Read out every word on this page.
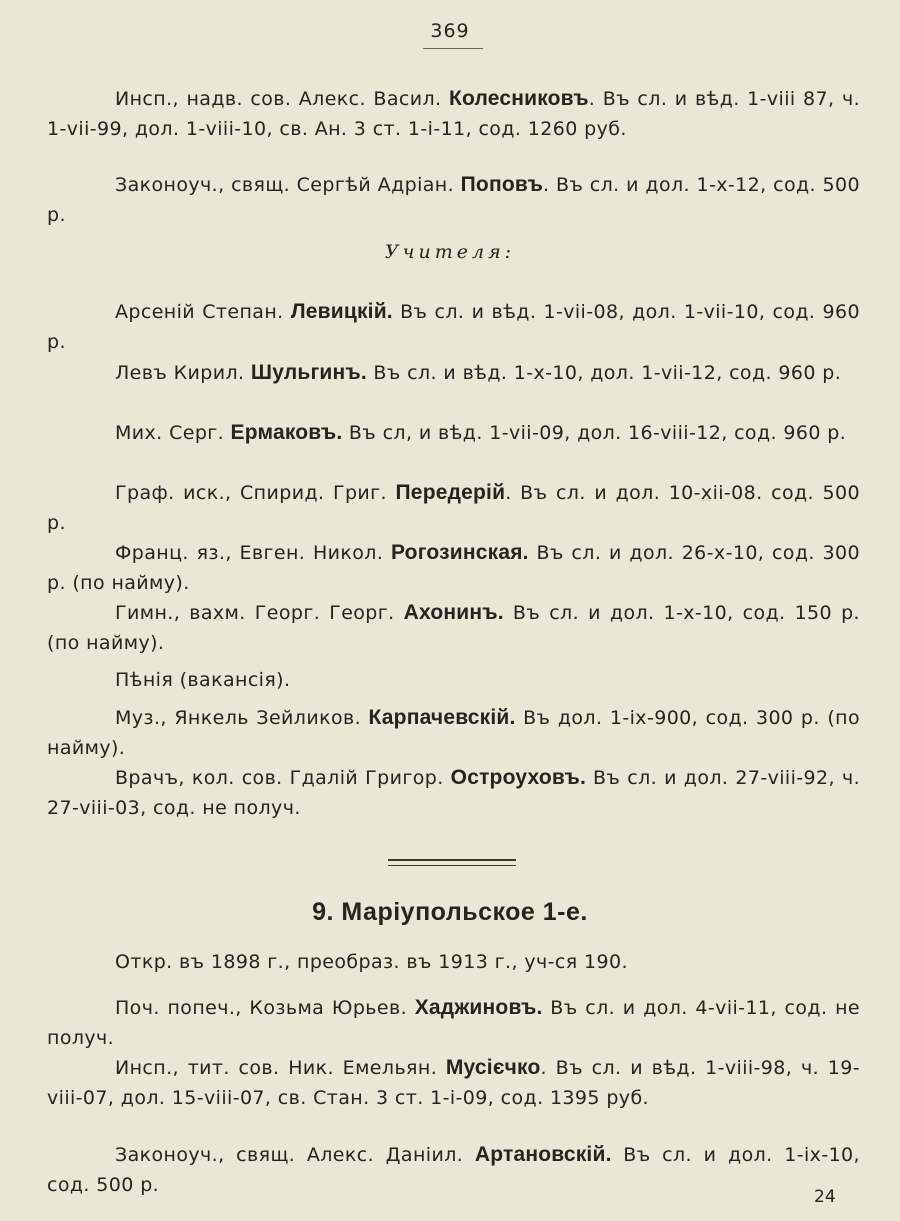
369
Инсп., надв. сов. Алекс. Васил. Колесниковъ. Въ сл. и вѣд. 1-viii 87, ч. 1-vii-99, дол. 1-viii-10, св. Ан. 3 ст. 1-i-11, сод. 1260 руб.
Законоуч., свящ. Сергѣй Адріан. Поповъ. Въ сл. и дол. 1-x-12, сод. 500 р.
Учителя:
Арсеній Степан. Левицкій. Въ сл. и вѣд. 1-vii-08, дол. 1-vii-10, сод. 960 р.
Левъ Кирил. Шульгинъ. Въ сл. и вѣд. 1-x-10, дол. 1-vii-12, сод. 960 р.
Мих. Серг. Ермаковъ. Въ сл, и вѣд. 1-vii-09, дол. 16-viii-12, сод. 960 р.
Граф. иск., Спирид. Григ. Передерій. Въ сл. и дол. 10-xii-08. сод. 500 р.
Франц. яз., Евген. Никол. Рогозинская. Въ сл. и дол. 26-x-10, сод. 300 р. (по найму).
Гимн., вахм. Георг. Георг. Ахонинъ. Въ сл. и дол. 1-x-10, сод. 150 р. (по найму).
Пѣнія (вакансія).
Муз., Янкель Зейликов. Карпачевскій. Въ дол. 1-ix-900, сод. 300 р. (по найму).
Врачъ, кол. сов. Гдалій Григор. Остроуховъ. Въ сл. и дол. 27-viii-92, ч. 27-viii-03, сод. не получ.
9. Маріупольское 1-е.
Откр. въ 1898 г., преобраз. въ 1913 г., уч-ся 190.
Поч. попеч., Козьма Юрьев. Хаджиновъ. Въ сл. и дол. 4-vii-11, сод. не получ.
Инсп., тит. сов. Ник. Емельян. Мусієчко. Въ сл. и вѣд. 1-viii-98, ч. 19-viii-07, дол. 15-viii-07, св. Стан. 3 ст. 1-i-09, сод. 1395 руб.
Законоуч., свящ. Алекс. Даніил. Артановскій. Въ сл. и дол. 1-ix-10, сод. 500 р.
24
